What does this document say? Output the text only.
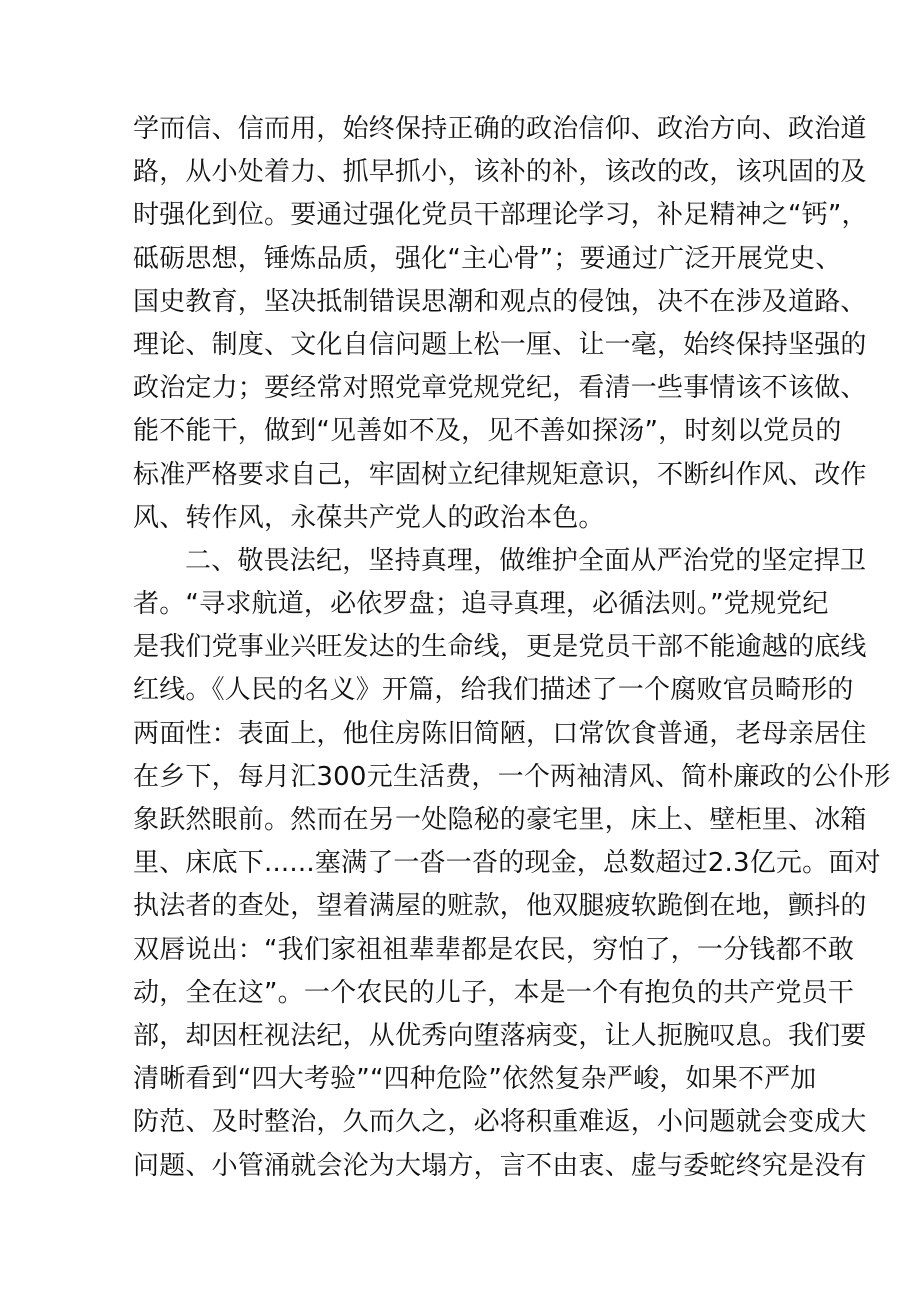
学而信、信而用，始终保持正确的政治信仰、政治方向、政治道
路，从小处着力、抓早抓小，该补的补，该改的改，该巩固的及
时强化到位。要通过强化党员干部理论学习，补足精神之“钙”，
砥砺思想，锤炼品质，强化“主心骨”；要通过广泛开展党史、
国史教育，坚决抵制错误思潮和观点的侵蚀，决不在涉及道路、
理论、制度、文化自信问题上松一厘、让一毫，始终保持坚强的
政治定力；要经常对照党章党规党纪，看清一些事情该不该做、
能不能干，做到“见善如不及，见不善如探汤”，时刻以党员的
标准严格要求自己，牢固树立纪律规矩意识，不断纠作风、改作
风、转作风，永葆共产党人的政治本色。
二、敬畏法纪，坚持真理，做维护全面从严治党的坚定捍卫
者。“寻求航道，必依罗盘；追寻真理，必循法则。”党规党纪
是我们党事业兴旺发达的生命线，更是党员干部不能逾越的底线
红线。《人民的名义》开篇，给我们描述了一个腐败官员畸形的
两面性：表面上，他住房陈旧简陋，口常饮食普通，老母亲居住
在乡下，每月汇300元生活费，一个两袖清风、简朴廉政的公仆形
象跃然眼前。然而在另一处隐秘的豪宅里，床上、壁柜里、冰箱
里、床底下......塞满了一沓一沓的现金，总数超过2.3亿元。面对
执法者的查处，望着满屋的赃款，他双腿疲软跪倒在地，颤抖的
双唇说出：“我们家祖祖辈辈都是农民，穷怕了，一分钱都不敢
动，全在这”。一个农民的儿子，本是一个有抱负的共产党员干
部，却因枉视法纪，从优秀向堕落病变，让人扼腕叹息。我们要
清晰看到“四大考验”“四种危险”依然复杂严峻，如果不严加
防范、及时整治，久而久之，必将积重难返，小问题就会变成大
问题、小管涌就会沦为大塌方，言不由衷、虚与委蛇终究是没有
